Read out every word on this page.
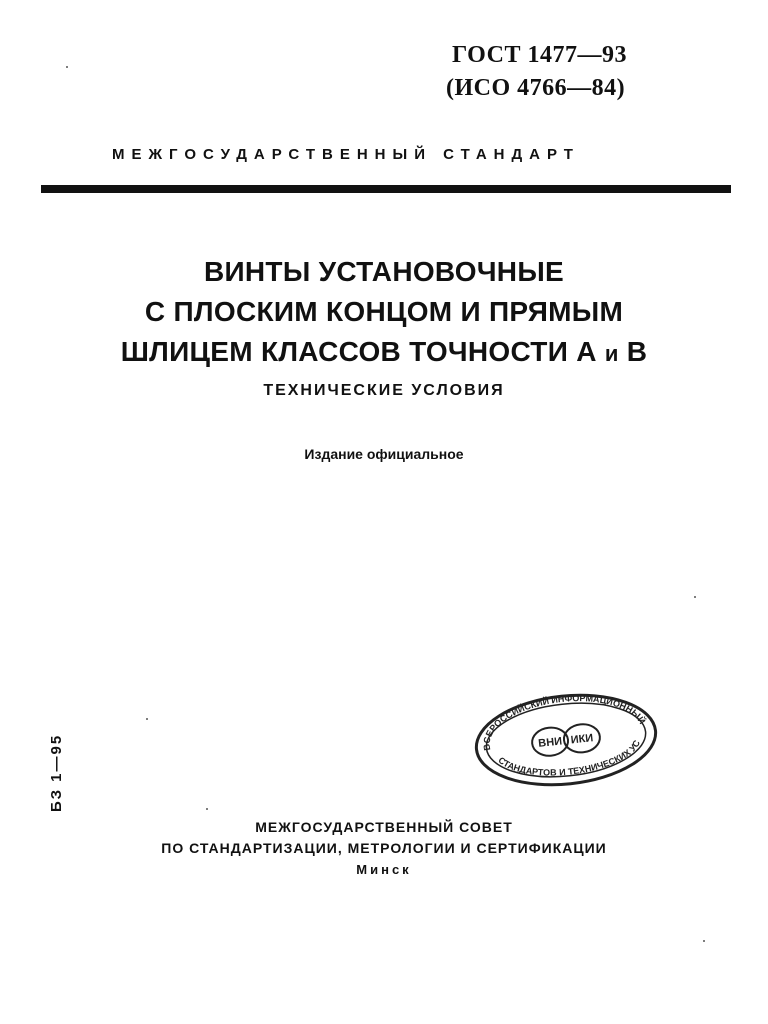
ГОСТ 1477—93
(ИСО 4766—84)
МЕЖГОСУДАРСТВЕННЫЙ СТАНДАРТ
ВИНТЫ УСТАНОВОЧНЫЕ
С ПЛОСКИМ КОНЦОМ И ПРЯМЫМ
ШЛИЦЕМ КЛАССОВ ТОЧНОСТИ А и В
ТЕХНИЧЕСКИЕ УСЛОВИЯ
Издание официальное
БЗ 1—95	ВСЕРОССИЙСКИЙ ИНФОРМАЦИОННЫЙ
СТАНДАРТОВ И ТЕХНИЧЕСКИХ УСЛОВИЙ
ВНИ ИКИ
МЕЖГОСУДАРСТВЕННЫЙ СОВЕТ
ПО СТАНДАРТИЗАЦИИ, МЕТРОЛОГИИ И СЕРТИФИКАЦИИ
Минск
